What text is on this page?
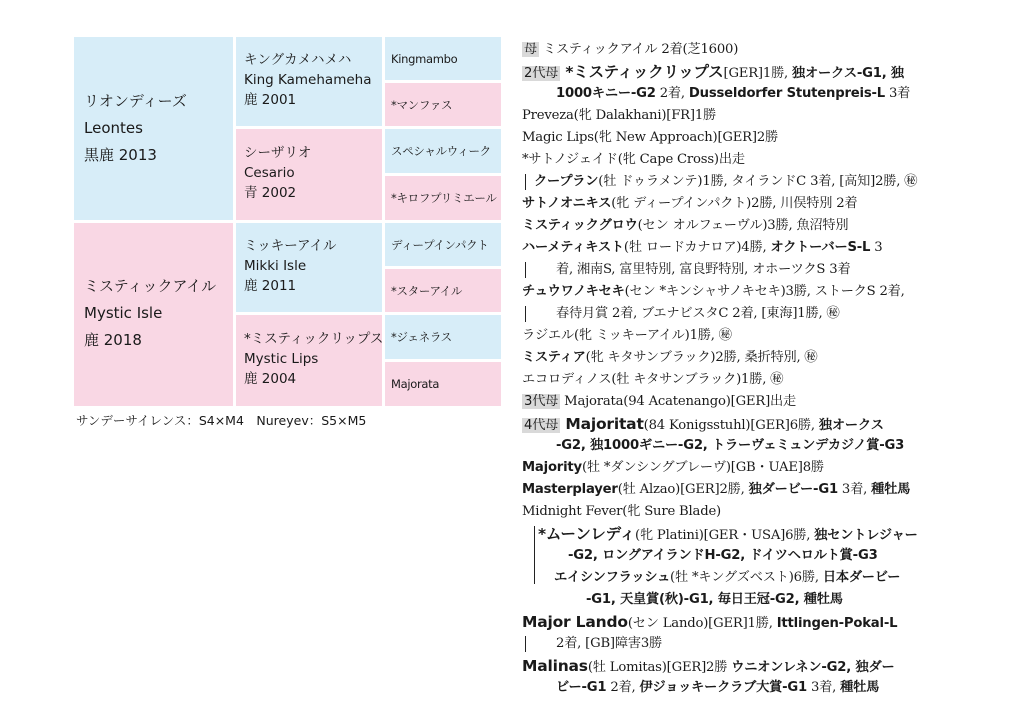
リオンディーズ
Leontes
黒鹿 2013
ミスティックアイル
Mystic Isle
鹿 2018
キングカメハメハ
King Kamehameha
鹿 2001
シーザリオ
Cesario
青 2002
ミッキーアイル
Mikki Isle
鹿 2011
*ミスティックリップス
Mystic Lips
鹿 2004
Kingmambo
*マンファス
スペシャルウィーク
*キロフプリミエール
ディープインパクト
*スターアイル
*ジェネラス
Majorata
サンデーサイレンス：S4×M4　Nureyev：S5×M5
母 ミスティックアイル 2着(芝1600)
2代母 *ミスティックリップス[GER]1勝, 独オークス-G1, 独
1000キニー-G2 2着, Dusseldorfer Stutenpreis-L 3着
Preveza(牝 Dalakhani)[FR]1勝
Magic Lips(牝 New Approach)[GER]2勝
*サトノジェイド(牝 Cape Cross)出走
クープラン(牡 ドゥラメンテ)1勝, タイランドC 3着, [高知]2勝, ㊙
サトノオニキス(牝 ディープインパクト)2勝, 川俣特別 2着
ミスティックグロウ(セン オルフェーヴル)3勝, 魚沼特別
ハーメティキスト(牡 ロードカナロア)4勝, オクトーバーS-L 3
着, 湘南S, 富里特別, 富良野特別, オホーツクS 3着
チュウワノキセキ(セン *キンシャサノキセキ)3勝, ストークS 2着,
春待月賞 2着, ブエナビスタC 2着, [東海]1勝, ㊙
ラジエル(牝 ミッキーアイル)1勝, ㊙
ミスティア(牝 キタサンブラック)2勝, 桑折特別, ㊙
エコロディノス(牡 キタサンブラック)1勝, ㊙
3代母 Majorata(94 Acatenango)[GER]出走
4代母 Majoritat(84 Konigsstuhl)[GER]6勝, 独オークス
-G2, 独1000ギニー-G2, トラーヴェミュンデカジノ賞-G3
Majority(牡 *ダンシングブレーヴ)[GB・UAE]8勝
Masterplayer(牡 Alzao)[GER]2勝, 独ダービー-G1 3着, 種牡馬
Midnight Fever(牝 Sure Blade)
*ムーンレディ(牝 Platini)[GER・USA]6勝, 独セントレジャー
-G2, ロングアイランドH-G2, ドイツヘロルト賞-G3
エイシンフラッシュ(牡 *キングズベスト)6勝, 日本ダービー
-G1, 天皇賞(秋)-G1, 毎日王冠-G2, 種牡馬
Major Lando(セン Lando)[GER]1勝, Ittlingen-Pokal-L
2着, [GB]障害3勝
Malinas(牡 Lomitas)[GER]2勝 ウニオンレネン-G2, 独ダー
ビー-G1 2着, 伊ジョッキークラブ大賞-G1 3着, 種牡馬
